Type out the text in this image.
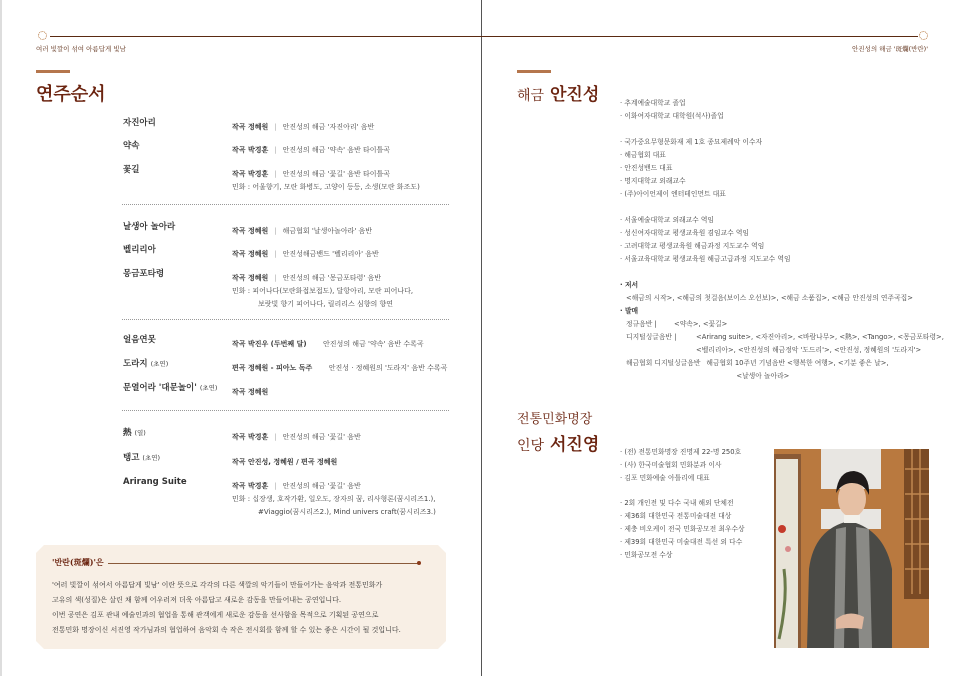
여러 빛깔이 섞여 아름답게 빛남
연주순서
자진아리	작곡 정혜원 | 안진성의 해금 '자진아리' 음반
약속	작곡 박경훈 | 안진성의 해금 '약속' 음반 타이틀곡
꽃길	작곡 박경훈 | 안진성의 해금 '꽃길' 음반 타이틀곡
민화 : 어울향기, 모란 화병도, 고양이 등등, 소생(모란 화조도)
날생아 놀아라	작곡 정혜원 | 해금협회 '날생아놀아라' 음반
벨리리아	작곡 정혜원 | 안진성해금밴드 '벨리리아' 음반
몽금포타령	작곡 정혜원 | 안진성의 해금 '몽금포타령' 음반
민화 : 피어나다(모란화접보접도), 달항아리, 모란 피어나다,
보랏빛 향기 피어나다, 릴리리스 심향의 향연
얼음연못	작곡 박진우 (두번째 달) 안진성의 해금 '약속' 음반 수록곡
도라지 (초연)	편곡 정혜원 - 피아노 독주 안진성 · 정혜원의 '도라지' 음반 수록곡
문열어라 '대문놀이' (초연)	작곡 정혜원
熱 (열)	작곡 박경훈 | 안진성의 해금 '꽃길' 음반
탱고 (초연)	작곡 안진성, 정혜원 / 편곡 정혜원
Arirang Suite	작곡 박경훈 | 안진성의 해금 '꽃길' 음반
민화 : 십장생, 호작가환, 일오도, 장자의 꿈, 리사형론(꿈시리즈1.),
#Viaggio(꿈시리즈2.), Mind univers craft(꿈시리즈3.)
'반란(斑爛)'은
'여러 빛깔이 섞여서 아름답게 빛남' 이란 뜻으로 각각의 다른 색깔의 악기들이 만들어가는 음악과 전통민화가
고유의 색(성질)은 살린 채 함께 어우러져 더욱 아름답고 새로운 감동을 만들어내는 공연입니다.
이번 공연은 김포 관내 예술인과의 협업을 통해 관객에게 새로운 감동을 선사함을 목적으로 기획된 공연으로
전통민화 명장이신 서진영 작가님과의 협업하여 음악회 속 작은 전시회를 함께 할 수 있는 좋은 시간이 될 것입니다.
안진성의 해금 '斑爛(반란)'
해금 안진성	· 추계예술대학교 졸업
· 이화여자대학교 대학원(석사)졸업
· 국가중요무형문화재 제 1호 종묘제례악 이수자
· 해금협회 대표
· 안진성밴드 대표
· 명지대학교 외래교수
· (주)아이언제이 엔터테인먼트 대표
· 서울예술대학교 외래교수 역임
· 성신여자대학교 평생교육원 겸임교수 역임
· 고려대학교 평생교육원 해금과정 지도교수 역임
· 서울교육대학교 평생교육원 해금고급과정 지도교수 역임
· 저서
<해금의 시작>, <해금의 첫걸음(보이스 오선보)>, <해금 소품집>, <해금 안진성의 연주곡집>
· 발매
정규음반 |	<약속>, <꽃길>
디지털싱글음반 |	<Arirang suite>, <자진아리>, <바람나무>, <熱>, <Tango>, <몽금포타령>,
<벨리리아>, <안진성의 해금정악 '도드리'>, <안진성, 정혜원의 '도라지'>
해금협회 디지털싱글음반 해금협회 10주년 기념음반 <행복한 여행>, <기분 좋은 날>,
<날생아 놀아라>
전통민화명장
인당 서진영	· (전) 전통민화명장 진명제 22-명 250호
· (사) 한국미술협회 민화분과 이사
· 김포 민화예술 아틀리에 대표
· 2회 개인전 및 다수 국내 해외 단체전
· 제36회 대한민국 전통미술대전 대상
· 제충 비오케이 전국 민화공모전 최우수상
· 제39회 대한민국 미술대전 특선 외 다수
· 민화공모전 수상
